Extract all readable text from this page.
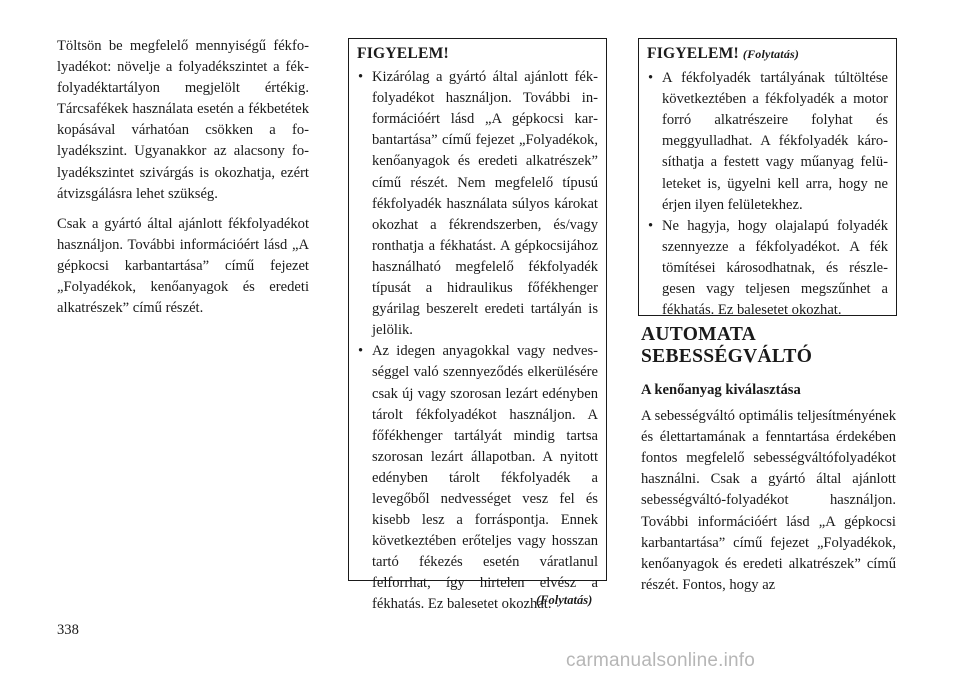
Töltsön be megfelelő mennyiségű fékfolyadékot: növelje a folyadékszintet a fékfolyadéktartályon megjelölt értékig. Tárcsafékek használata esetén a fékbetétek kopásával várhatóan csökken a folyadékszint. Ugyanakkor az alacsony folyadékszintet szivárgás is okozhatja, ezért átvizsgálásra lehet szükség.

Csak a gyártó által ajánlott fékfolyadékot használjon. További információért lásd „A gépkocsi karbantartása” című fejezet „Folyadékok, kenőanyagok és eredeti alkatrészek” című részét.

FIGYELEM!
• Kizárólag a gyártó által ajánlott fékfolyadékot használjon. További információért lásd „A gépkocsi karbantartása” című fejezet „Folyadékok, kenőanyagok és eredeti alkatrészek” című részét. Nem megfelelő típusú fékfolyadék használata súlyos károkat okozhat a fékrendszerben, és/vagy ronthatja a fékhatást. A gépkocsijához használható megfelelő fékfolyadék típusát a hidraulikus főfékhenger gyárilag beszerelt eredeti tartályán is jelölik.
• Az idegen anyagokkal vagy nedvességgel való szennyeződés elkerülésére csak új vagy szorosan lezárt edényben tárolt fékfolyadékot használjon. A főfékhenger tartályát mindig tartsa szorosan lezárt állapotban. A nyitott edényben tárolt fékfolyadék a levegőből nedvességet vesz fel és kisebb lesz a forráspontja. Ennek következtében erőteljes vagy hosszan tartó fékezés esetén váratlanul felforrhat, így hirtelen elvész a fékhatás. Ez balesetet okozhat.
(Folytatás)
FIGYELEM! (Folytatás)
• A fékfolyadék tartályának túltöltése következtében a fékfolyadék a motor forró alkatrészeire folyhat és meggyulladhat. A fékfolyadék károsíthatja a festett vagy műanyag felületeket is, ügyelni kell arra, hogy ne érjen ilyen felületekhez.
• Ne hagyja, hogy olajalapú folyadék szennyezze a fékfolyadékot. A fék tömítései károsodhatnak, és részlegesen vagy teljesen megszűnhet a fékhatás. Ez balesetet okozhat.
AUTOMATA
SEBESSÉGVÁLTÓ
A kenőanyag kiválasztása

A sebességváltó optimális teljesítményének és élettartamának a fenntartása érdekében fontos megfelelő sebességváltófolyadékot használni. Csak a gyártó által ajánlott sebességváltó-folyadékot használjon. További információért lásd „A gépkocsi karbantartása” című fejezet „Folyadékok, kenőanyagok és eredeti alkatrészek” című részét. Fontos, hogy az

338
carmanualsonline.info
